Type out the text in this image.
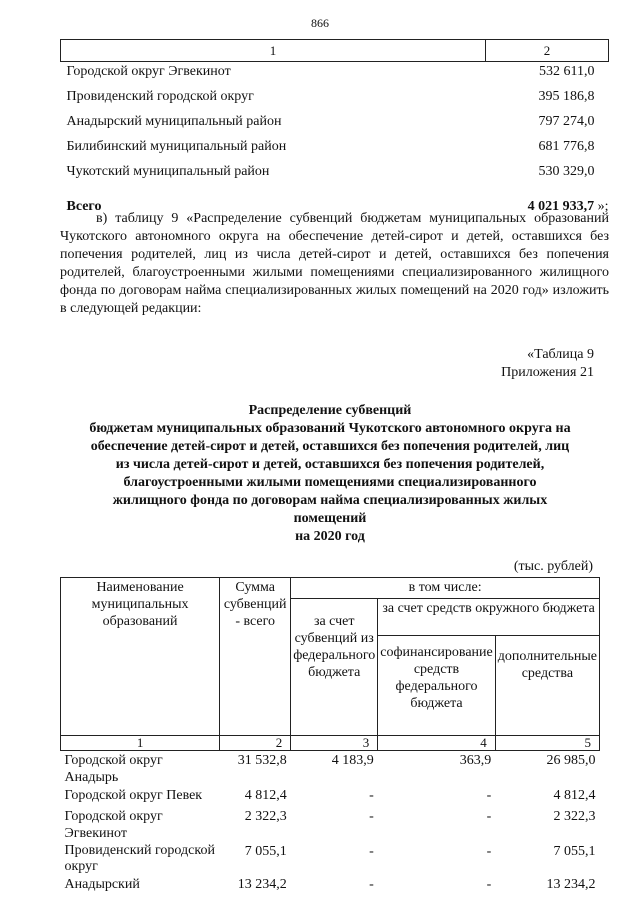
866
1	2
Городской округ Эгвекинот	532 611,0
Провиденский городской округ	395 186,8
Анадырский муниципальный район	797 274,0
Билибинский муниципальный район	681 776,8
Чукотский муниципальный район	530 329,0
Всего	4 021 933,7 »;
в) таблицу 9 «Распределение субвенций бюджетам муниципальных образований Чукотского автономного округа на обеспечение детей-сирот и детей, оставшихся без попечения родителей, лиц из числа детей-сирот и детей, оставшихся без попечения родителей, благоустроенными жилыми помещениями специализированного жилищного фонда по договорам найма специализированных жилых помещений на 2020 год» изложить в следующей редакции:
«Таблица 9
Приложения 21
Распределение субвенций
бюджетам муниципальных образований Чукотского автономного округа на
обеспечение детей-сирот и детей, оставшихся без попечения родителей, лиц
из числа детей-сирот и детей, оставшихся без попечения родителей,
благоустроенными жилыми помещениями специализированного
жилищного фонда по договорам найма специализированных жилых
помещений
на 2020 год
(тыс. рублей)
Наименование муниципальных образований	Сумма субвенций - всего	в том числе:		
		за счет субвенций из федерального бюджета	за счет средств окружного бюджета	
			софинансирование средств федерального бюджета	дополнительные средства
1	2	3	4	5
Городской округ Анадырь	31 532,8	4 183,9	363,9	26 985,0
Городской округ Певек	4 812,4	-	-	4 812,4
Городской округ Эгвекинот	2 322,3	-	-	2 322,3
Провиденский городской округ	7 055,1	-	-	7 055,1
Анадырский	13 234,2	-	-	13 234,2
